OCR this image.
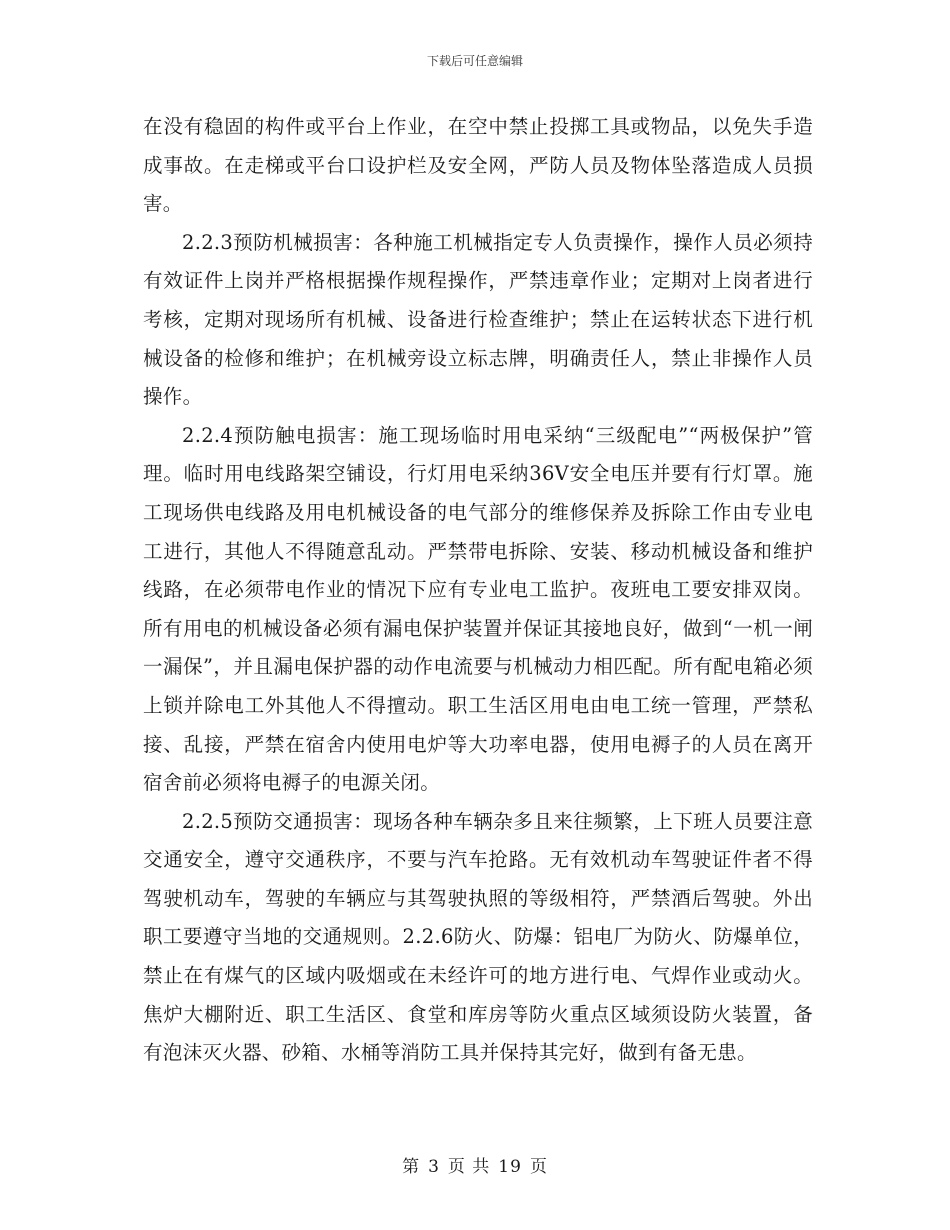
下载后可任意编辑

在没有稳固的构件或平台上作业，在空中禁止投掷工具或物品，以免失手造成事故。在走梯或平台口设护栏及安全网，严防人员及物体坠落造成人员损害。

2.2.3预防机械损害：各种施工机械指定专人负责操作，操作人员必须持有效证件上岗并严格根据操作规程操作，严禁违章作业；定期对上岗者进行考核，定期对现场所有机械、设备进行检查维护；禁止在运转状态下进行机械设备的检修和维护；在机械旁设立标志牌，明确责任人，禁止非操作人员操作。

2.2.4预防触电损害：施工现场临时用电采纳“三级配电”“两极保护”管理。临时用电线路架空铺设，行灯用电采纳36V安全电压并要有行灯罩。施工现场供电线路及用电机械设备的电气部分的维修保养及拆除工作由专业电工进行，其他人不得随意乱动。严禁带电拆除、安装、移动机械设备和维护线路，在必须带电作业的情况下应有专业电工监护。夜班电工要安排双岗。所有用电的机械设备必须有漏电保护装置并保证其接地良好，做到“一机一闸一漏保”，并且漏电保护器的动作电流要与机械动力相匹配。所有配电箱必须上锁并除电工外其他人不得擅动。职工生活区用电由电工统一管理，严禁私接、乱接，严禁在宿舍内使用电炉等大功率电器，使用电褥子的人员在离开宿舍前必须将电褥子的电源关闭。

2.2.5预防交通损害：现场各种车辆杂多且来往频繁，上下班人员要注意交通安全，遵守交通秩序，不要与汽车抢路。无有效机动车驾驶证件者不得驾驶机动车，驾驶的车辆应与其驾驶执照的等级相符，严禁酒后驾驶。外出职工要遵守当地的交通规则。2.2.6防火、防爆：铝电厂为防火、防爆单位，禁止在有煤气的区域内吸烟或在未经许可的地方进行电、气焊作业或动火。焦炉大棚附近、职工生活区、食堂和库房等防火重点区域须设防火装置，备有泡沫灭火器、砂箱、水桶等消防工具并保持其完好，做到有备无患。

第 3 页 共 19 页
